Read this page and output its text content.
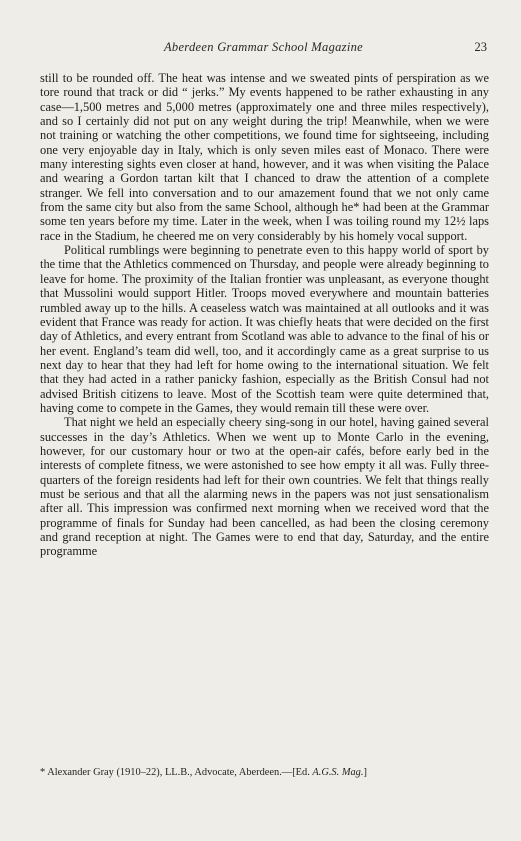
Aberdeen Grammar School Magazine	23

still to be rounded off. The heat was intense and we sweated pints of perspiration as we tore round that track or did “ jerks.” My events happened to be rather exhausting in any case—1,500 metres and 5,000 metres (approximately one and three miles respectively), and so I certainly did not put on any weight during the trip! Meanwhile, when we were not training or watching the other competitions, we found time for sightseeing, including one very enjoyable day in Italy, which is only seven miles east of Monaco. There were many interesting sights even closer at hand, however, and it was when visiting the Palace and wearing a Gordon tartan kilt that I chanced to draw the attention of a complete stranger. We fell into conversation and to our amazement found that we not only came from the same city but also from the same School, although he* had been at the Grammar some ten years before my time. Later in the week, when I was toiling round my 12½ laps race in the Stadium, he cheered me on very considerably by his homely vocal support.

Political rumblings were beginning to penetrate even to this happy world of sport by the time that the Athletics commenced on Thursday, and people were already beginning to leave for home. The proximity of the Italian frontier was unpleasant, as everyone thought that Mussolini would support Hitler. Troops moved everywhere and mountain batteries rumbled away up to the hills. A ceaseless watch was maintained at all outlooks and it was evident that France was ready for action. It was chiefly heats that were decided on the first day of Athletics, and every entrant from Scotland was able to advance to the final of his or her event. England’s team did well, too, and it accordingly came as a great surprise to us next day to hear that they had left for home owing to the international situation. We felt that they had acted in a rather panicky fashion, especially as the British Consul had not advised British citizens to leave. Most of the Scottish team were quite determined that, having come to compete in the Games, they would remain till these were over.

That night we held an especially cheery sing-song in our hotel, having gained several successes in the day’s Athletics. When we went up to Monte Carlo in the evening, however, for our customary hour or two at the open-air cafés, before early bed in the interests of complete fitness, we were astonished to see how empty it all was. Fully three-quarters of the foreign residents had left for their own countries. We felt that things really must be serious and that all the alarming news in the papers was not just sensationalism after all. This impression was confirmed next morning when we received word that the programme of finals for Sunday had been cancelled, as had been the closing ceremony and grand reception at night. The Games were to end that day, Saturday, and the entire programme

* Alexander Gray (1910–22), LL.B., Advocate, Aberdeen.—[Ed. A.G.S. Mag.]
